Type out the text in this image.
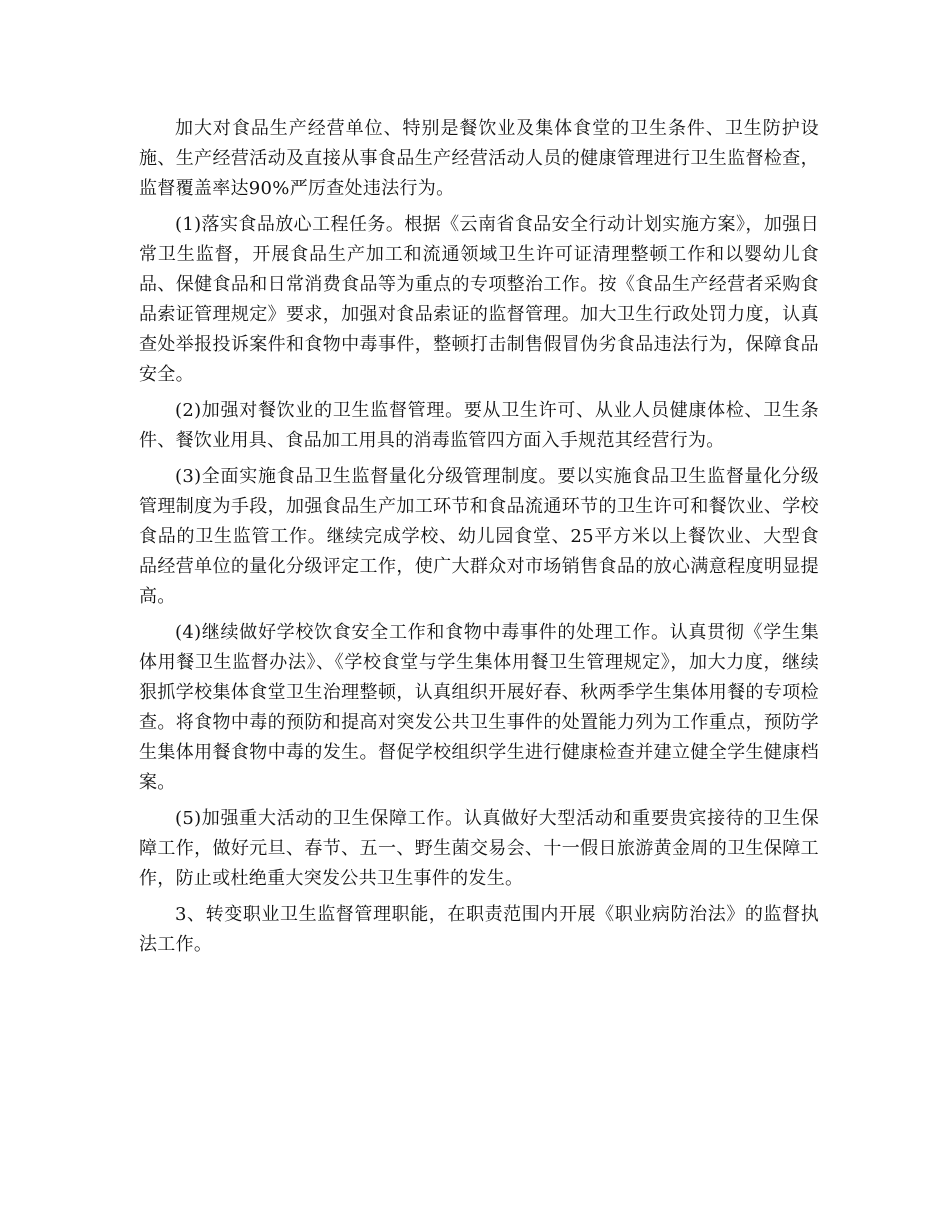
加大对食品生产经营单位、特别是餐饮业及集体食堂的卫生条件、卫生防护设施、生产经营活动及直接从事食品生产经营活动人员的健康管理进行卫生监督检查，监督覆盖率达90%严厉查处违法行为。

(1)落实食品放心工程任务。根据《云南省食品安全行动计划实施方案》，加强日常卫生监督，开展食品生产加工和流通领域卫生许可证清理整顿工作和以婴幼儿食品、保健食品和日常消费食品等为重点的专项整治工作。按《食品生产经营者采购食品索证管理规定》要求，加强对食品索证的监督管理。加大卫生行政处罚力度，认真查处举报投诉案件和食物中毒事件，整顿打击制售假冒伪劣食品违法行为，保障食品安全。

(2)加强对餐饮业的卫生监督管理。要从卫生许可、从业人员健康体检、卫生条件、餐饮业用具、食品加工用具的消毒监管四方面入手规范其经营行为。

(3)全面实施食品卫生监督量化分级管理制度。要以实施食品卫生监督量化分级管理制度为手段，加强食品生产加工环节和食品流通环节的卫生许可和餐饮业、学校食品的卫生监管工作。继续完成学校、幼儿园食堂、25平方米以上餐饮业、大型食品经营单位的量化分级评定工作，使广大群众对市场销售食品的放心满意程度明显提高。

(4)继续做好学校饮食安全工作和食物中毒事件的处理工作。认真贯彻《学生集体用餐卫生监督办法》、《学校食堂与学生集体用餐卫生管理规定》，加大力度，继续狠抓学校集体食堂卫生治理整顿，认真组织开展好春、秋两季学生集体用餐的专项检查。将食物中毒的预防和提高对突发公共卫生事件的处置能力列为工作重点，预防学生集体用餐食物中毒的发生。督促学校组织学生进行健康检查并建立健全学生健康档案。

(5)加强重大活动的卫生保障工作。认真做好大型活动和重要贵宾接待的卫生保障工作，做好元旦、春节、五一、野生菌交易会、十一假日旅游黄金周的卫生保障工作，防止或杜绝重大突发公共卫生事件的发生。

3、转变职业卫生监督管理职能，在职责范围内开展《职业病防治法》的监督执法工作。
